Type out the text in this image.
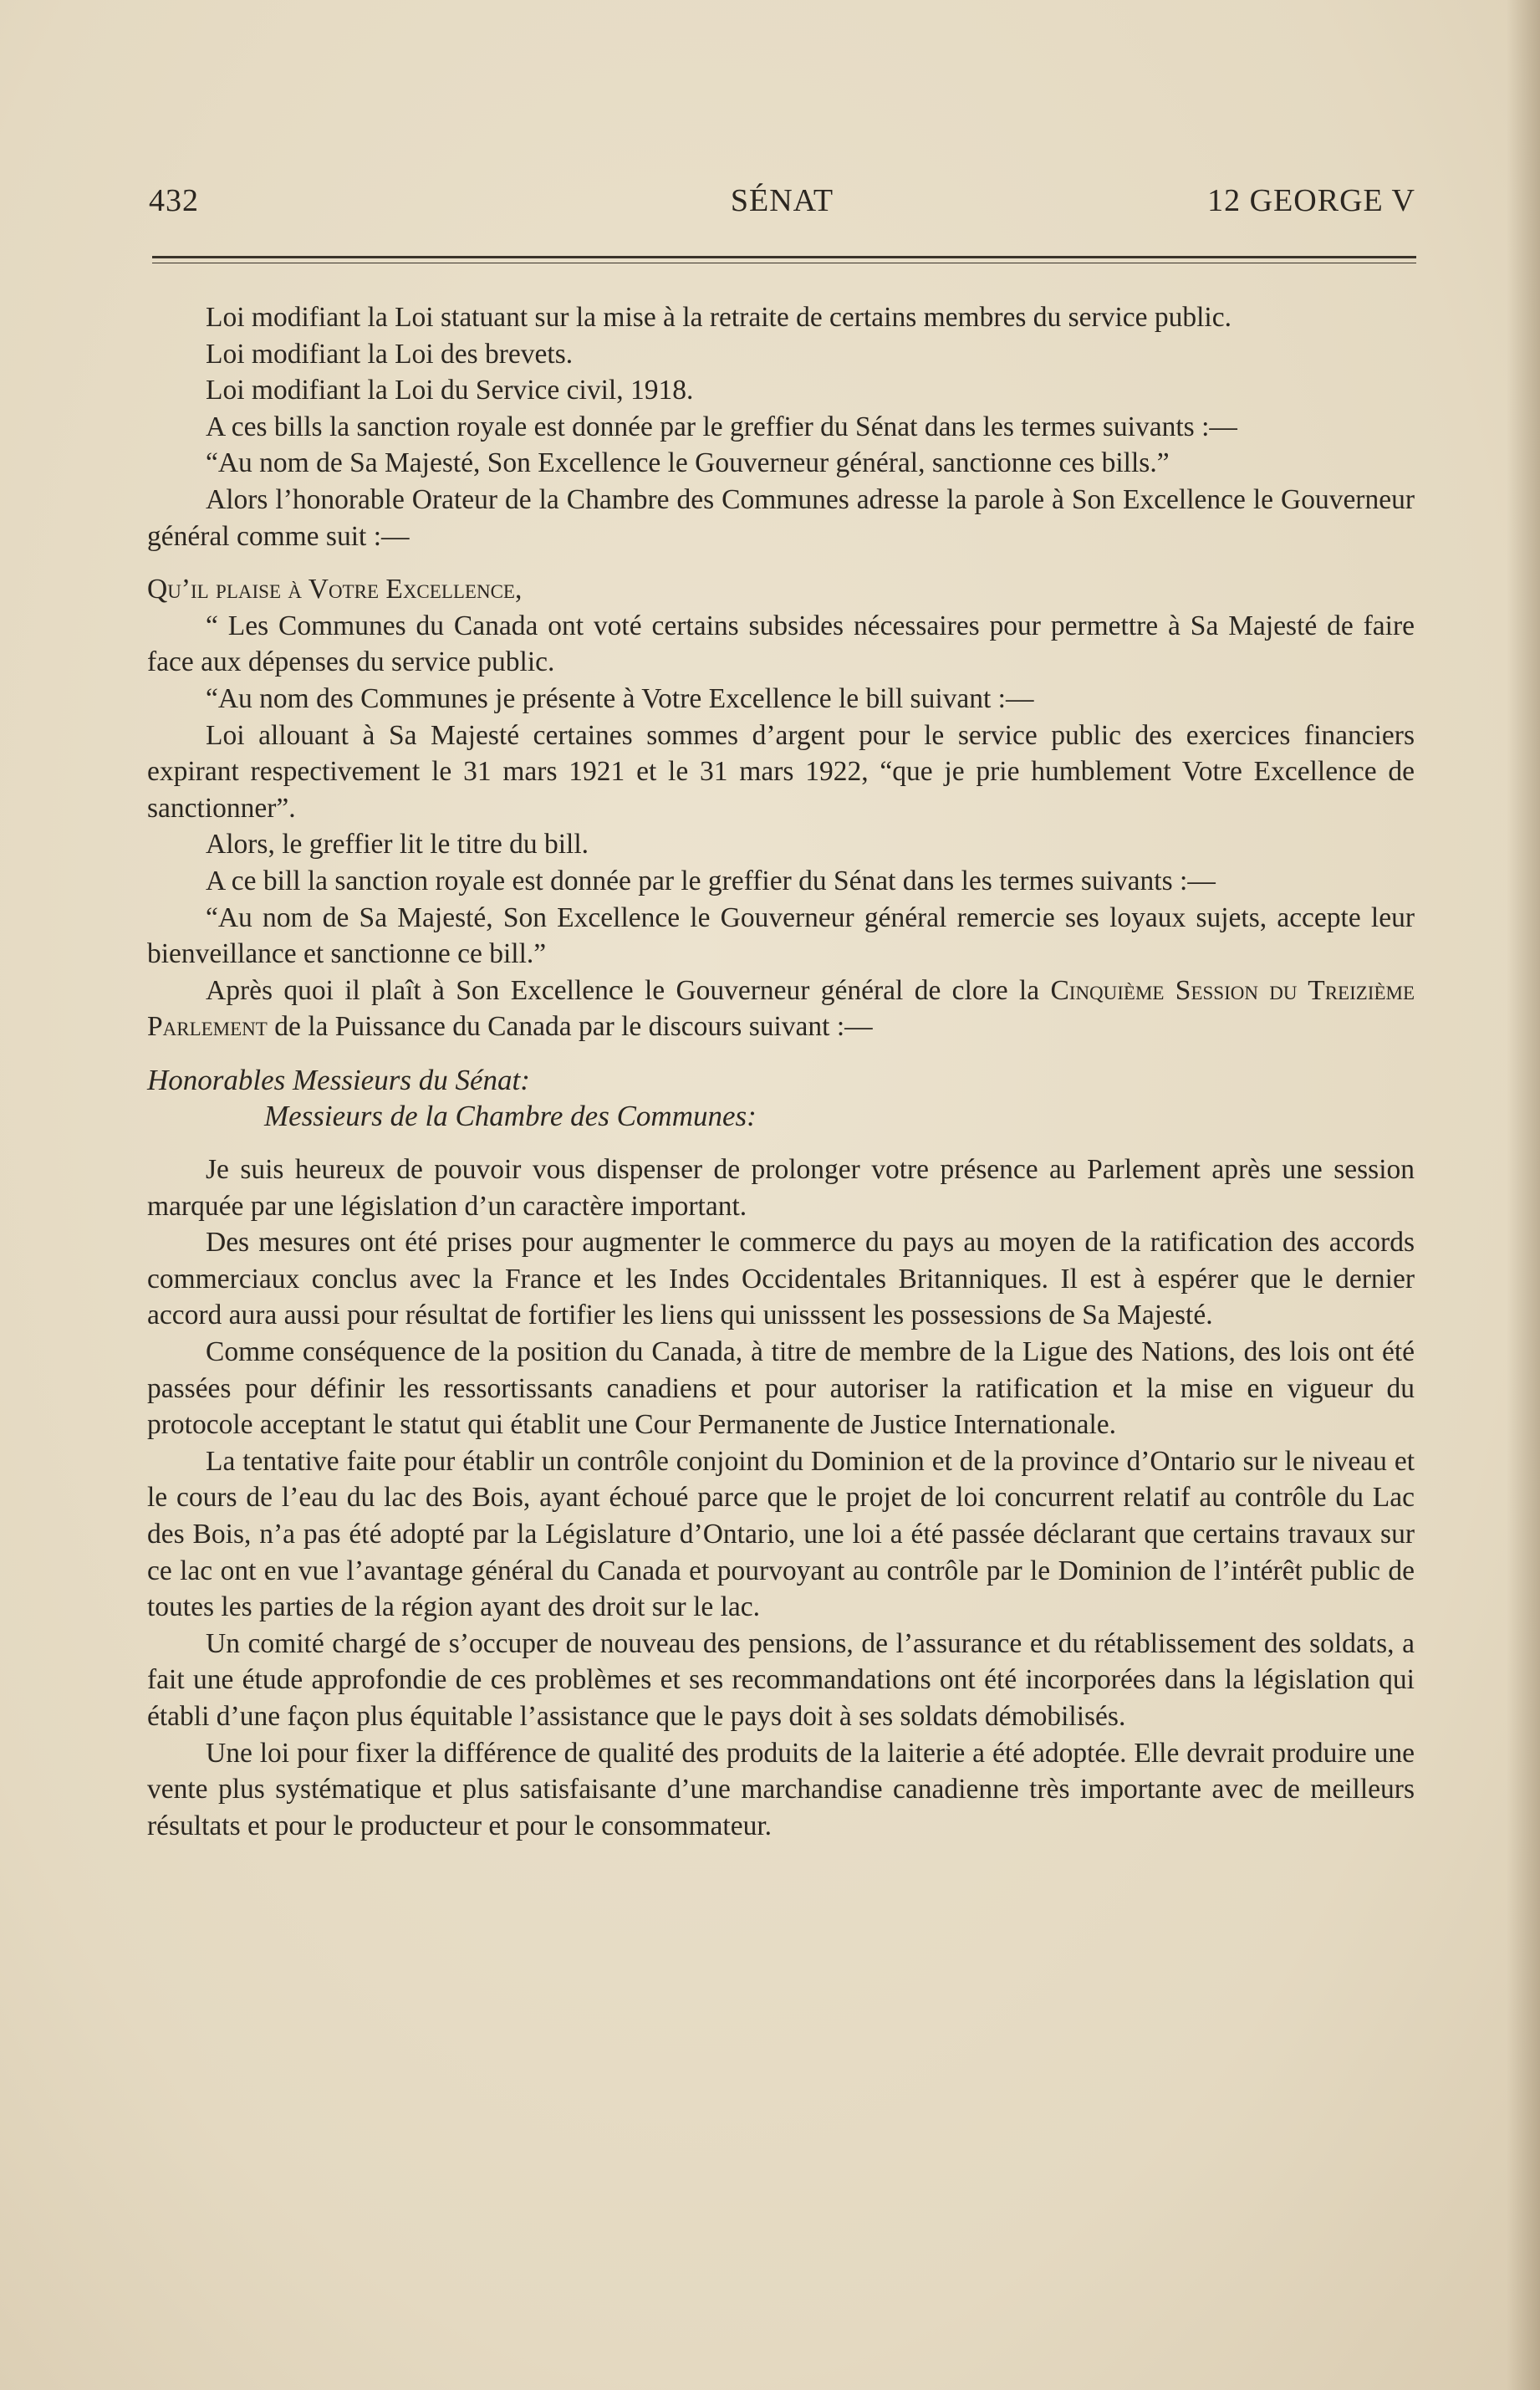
432	SÉNAT	12 GEORGE V

Loi modifiant la Loi statuant sur la mise à la retraite de certains membres du service public.

Loi modifiant la Loi des brevets.

Loi modifiant la Loi du Service civil, 1918.

A ces bills la sanction royale est donnée par le greffier du Sénat dans les termes suivants :—

“Au nom de Sa Majesté, Son Excellence le Gouverneur général, sanctionne ces bills.”

Alors l’honorable Orateur de la Chambre des Communes adresse la parole à Son Excellence le Gouverneur général comme suit :—

Qu’il plaise à Votre Excellence,

“ Les Communes du Canada ont voté certains subsides nécessaires pour permettre à Sa Majesté de faire face aux dépenses du service public.

“Au nom des Communes je présente à Votre Excellence le bill suivant :—

Loi allouant à Sa Majesté certaines sommes d’argent pour le service public des exercices financiers expirant respectivement le 31 mars 1921 et le 31 mars 1922, “que je prie humblement Votre Excellence de sanctionner”.

Alors, le greffier lit le titre du bill.

A ce bill la sanction royale est donnée par le greffier du Sénat dans les termes suivants :—

“Au nom de Sa Majesté, Son Excellence le Gouverneur général remercie ses loyaux sujets, accepte leur bienveillance et sanctionne ce bill.”

Après quoi il plaît à Son Excellence le Gouverneur général de clore la Cinquième Session du Treizième Parlement de la Puissance du Canada par le discours suivant :—

Honorables Messieurs du Sénat:

Messieurs de la Chambre des Communes:

Je suis heureux de pouvoir vous dispenser de prolonger votre présence au Parlement après une session marquée par une législation d’un caractère important.

Des mesures ont été prises pour augmenter le commerce du pays au moyen de la ratification des accords commerciaux conclus avec la France et les Indes Occidentales Britanniques. Il est à espérer que le dernier accord aura aussi pour résultat de fortifier les liens qui unisssent les possessions de Sa Majesté.

Comme conséquence de la position du Canada, à titre de membre de la Ligue des Nations, des lois ont été passées pour définir les ressortissants canadiens et pour autoriser la ratification et la mise en vigueur du protocole acceptant le statut qui établit une Cour Permanente de Justice Internationale.

La tentative faite pour établir un contrôle conjoint du Dominion et de la province d’Ontario sur le niveau et le cours de l’eau du lac des Bois, ayant échoué parce que le projet de loi concurrent relatif au contrôle du Lac des Bois, n’a pas été adopté par la Législature d’Ontario, une loi a été passée déclarant que certains travaux sur ce lac ont en vue l’avantage général du Canada et pourvoyant au contrôle par le Dominion de l’intérêt public de toutes les parties de la région ayant des droit sur le lac.

Un comité chargé de s’occuper de nouveau des pensions, de l’assurance et du rétablissement des soldats, a fait une étude approfondie de ces problèmes et ses recommandations ont été incorporées dans la législation qui établi d’une façon plus équitable l’assistance que le pays doit à ses soldats démobilisés.

Une loi pour fixer la différence de qualité des produits de la laiterie a été adoptée. Elle devrait produire une vente plus systématique et plus satisfaisante d’une marchandise canadienne très importante avec de meilleurs résultats et pour le producteur et pour le consommateur.
